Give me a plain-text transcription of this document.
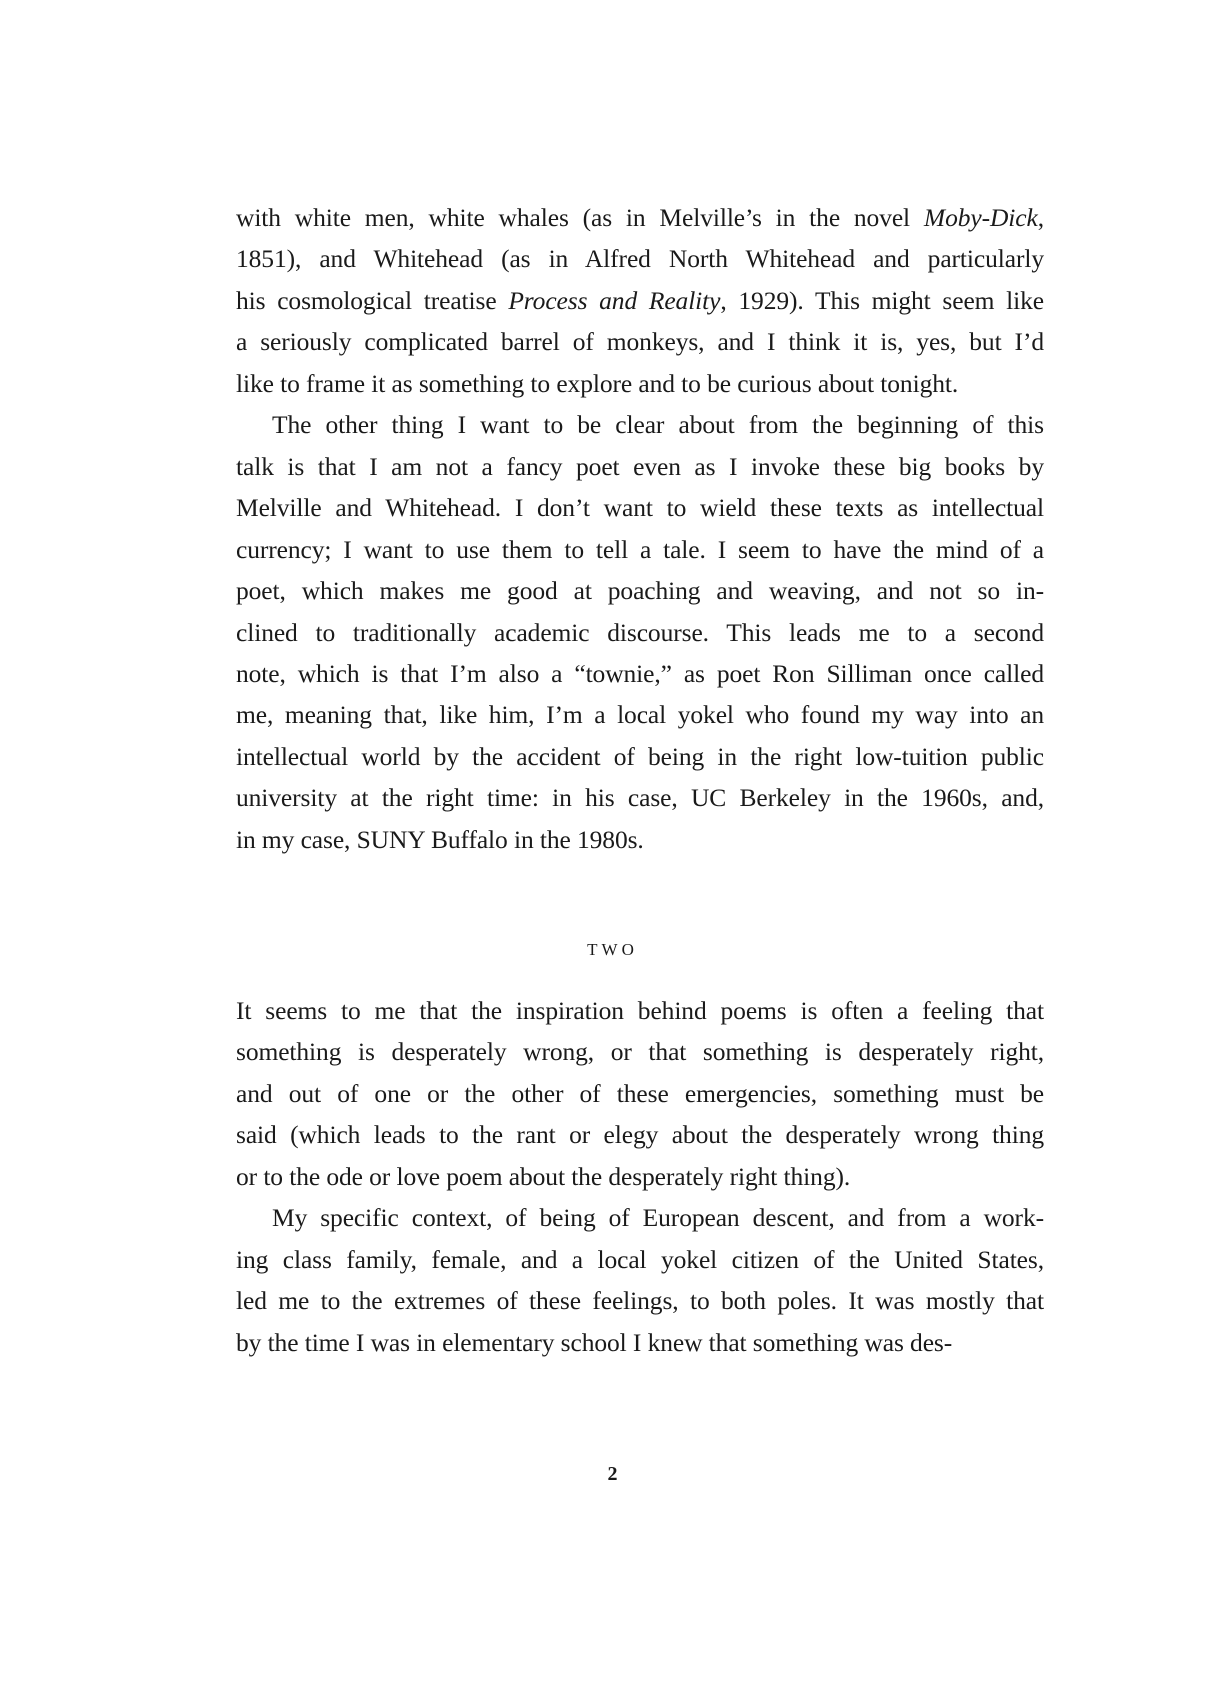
with white men, white whales (as in Melville’s in the novel Moby-Dick,
1851), and Whitehead (as in Alfred North Whitehead and particularly
his cosmological treatise Process and Reality, 1929). This might seem like
a seriously complicated barrel of monkeys, and I think it is, yes, but I’d
like to frame it as something to explore and to be curious about tonight.
The other thing I want to be clear about from the beginning of this
talk is that I am not a fancy poet even as I invoke these big books by
Melville and Whitehead. I don’t want to wield these texts as intellectual
currency; I want to use them to tell a tale. I seem to have the mind of a
poet, which makes me good at poaching and weaving, and not so in-
clined to traditionally academic discourse. This leads me to a second
note, which is that I’m also a “townie,” as poet Ron Silliman once called
me, meaning that, like him, I’m a local yokel who found my way into an
intellectual world by the accident of being in the right low-tuition public
university at the right time: in his case, UC Berkeley in the 1960s, and,
in my case, SUNY Buffalo in the 1980s.
TWO
It seems to me that the inspiration behind poems is often a feeling that
something is desperately wrong, or that something is desperately right,
and out of one or the other of these emergencies, something must be
said (which leads to the rant or elegy about the desperately wrong thing
or to the ode or love poem about the desperately right thing).
My specific context, of being of European descent, and from a work-
ing class family, female, and a local yokel citizen of the United States,
led me to the extremes of these feelings, to both poles. It was mostly that
by the time I was in elementary school I knew that something was des-
2
